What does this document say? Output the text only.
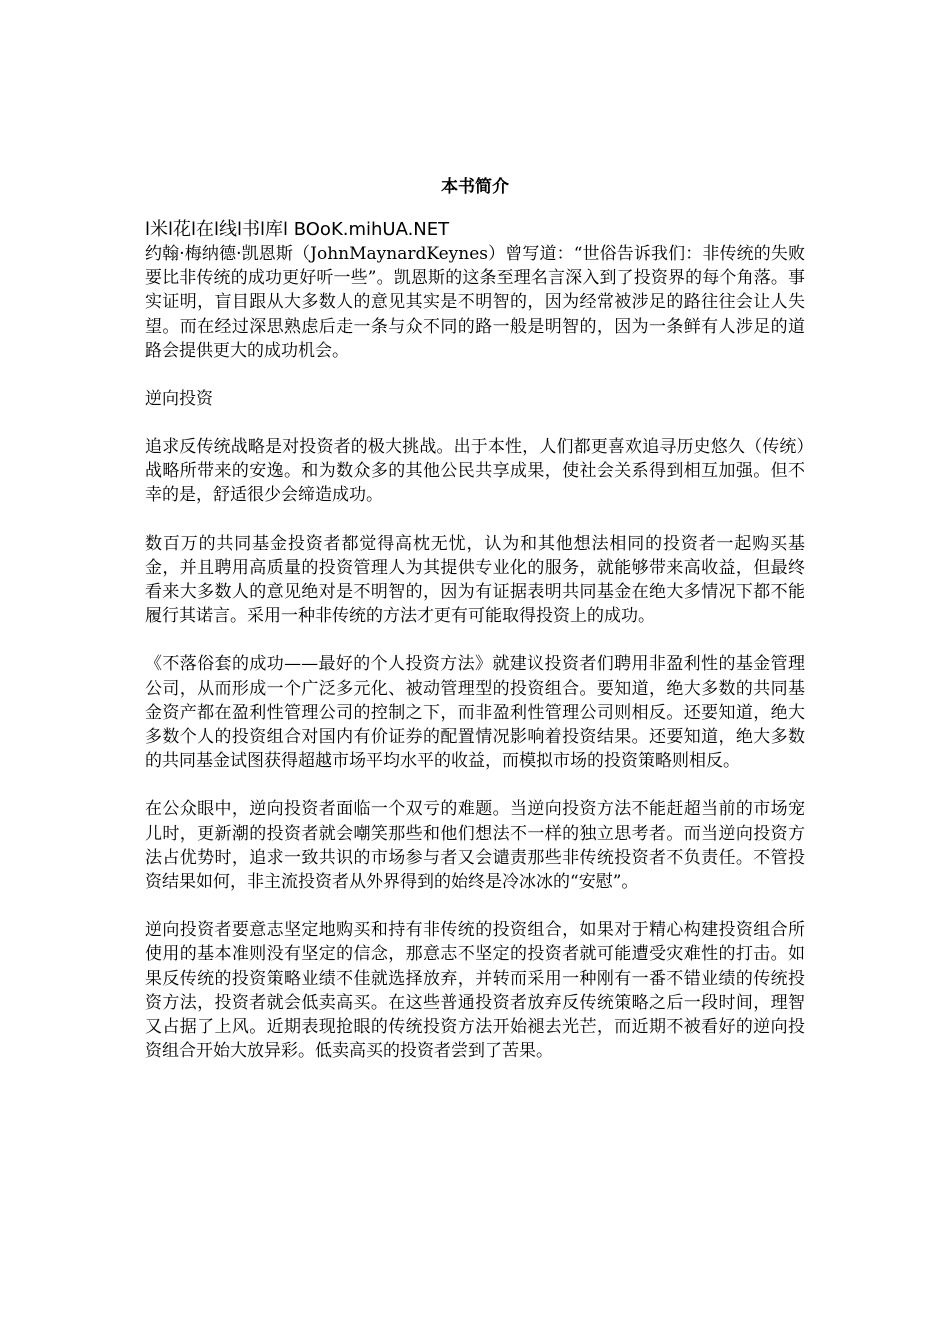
本书简介
l米l花l在l线l书l库l BOoK.mihUA.NET

约翰·梅纳德·凯恩斯（JohnMaynardKeynes）曾写道：“世俗告诉我们：非传统的失败要比非传统的成功更好听一些”。凯恩斯的这条至理名言深入到了投资界的每个角落。事实证明，盲目跟从大多数人的意见其实是不明智的，因为经常被涉足的路往往会让人失望。而在经过深思熟虑后走一条与众不同的路一般是明智的，因为一条鲜有人涉足的道路会提供更大的成功机会。

逆向投资

追求反传统战略是对投资者的极大挑战。出于本性，人们都更喜欢追寻历史悠久（传统）战略所带来的安逸。和为数众多的其他公民共享成果，使社会关系得到相互加强。但不幸的是，舒适很少会缔造成功。

数百万的共同基金投资者都觉得高枕无忧，认为和其他想法相同的投资者一起购买基金，并且聘用高质量的投资管理人为其提供专业化的服务，就能够带来高收益，但最终看来大多数人的意见绝对是不明智的，因为有证据表明共同基金在绝大多情况下都不能履行其诺言。采用一种非传统的方法才更有可能取得投资上的成功。

《不落俗套的成功——最好的个人投资方法》就建议投资者们聘用非盈利性的基金管理公司，从而形成一个广泛多元化、被动管理型的投资组合。要知道，绝大多数的共同基金资产都在盈利性管理公司的控制之下，而非盈利性管理公司则相反。还要知道，绝大多数个人的投资组合对国内有价证券的配置情况影响着投资结果。还要知道，绝大多数的共同基金试图获得超越市场平均水平的收益，而模拟市场的投资策略则相反。

在公众眼中，逆向投资者面临一个双亏的难题。当逆向投资方法不能赶超当前的市场宠儿时，更新潮的投资者就会嘲笑那些和他们想法不一样的独立思考者。而当逆向投资方法占优势时，追求一致共识的市场参与者又会谴责那些非传统投资者不负责任。不管投资结果如何，非主流投资者从外界得到的始终是冷冰冰的“安慰”。

逆向投资者要意志坚定地购买和持有非传统的投资组合，如果对于精心构建投资组合所使用的基本准则没有坚定的信念，那意志不坚定的投资者就可能遭受灾难性的打击。如果反传统的投资策略业绩不佳就选择放弃，并转而采用一种刚有一番不错业绩的传统投资方法，投资者就会低卖高买。在这些普通投资者放弃反传统策略之后一段时间，理智又占据了上风。近期表现抢眼的传统投资方法开始褪去光芒，而近期不被看好的逆向投资组合开始大放异彩。低卖高买的投资者尝到了苦果。
